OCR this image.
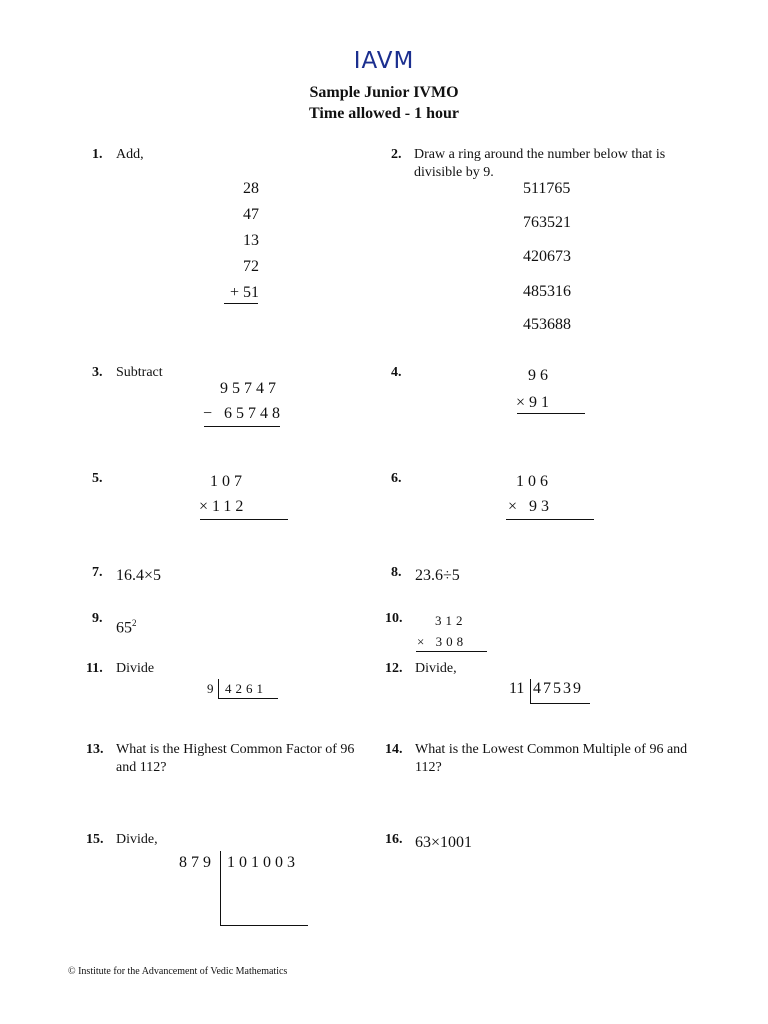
IAVM
Sample Junior IVMO
Time allowed - 1 hour
1. Add,
28
47
13
72
+ 51
2. Draw a ring around the number below that is divisible by 9.
511765
763521
420673
485316
453688
3. Subtract
95747
− 65748
4.	96
×91
5.	107
×112
6.	106
× 93
7. 16.4×5	8. 23.6÷5
9.
$65^2$	10.	312
× 308
11. Divide
9 4261
12. Divide,
11 47539
13. What is the Highest Common Factor of 96 and 112?
14. What is the Lowest Common Multiple of 96 and 112?
15. Divide,
879 101003
16. 63×1001
© Institute for the Advancement of Vedic Mathematics
